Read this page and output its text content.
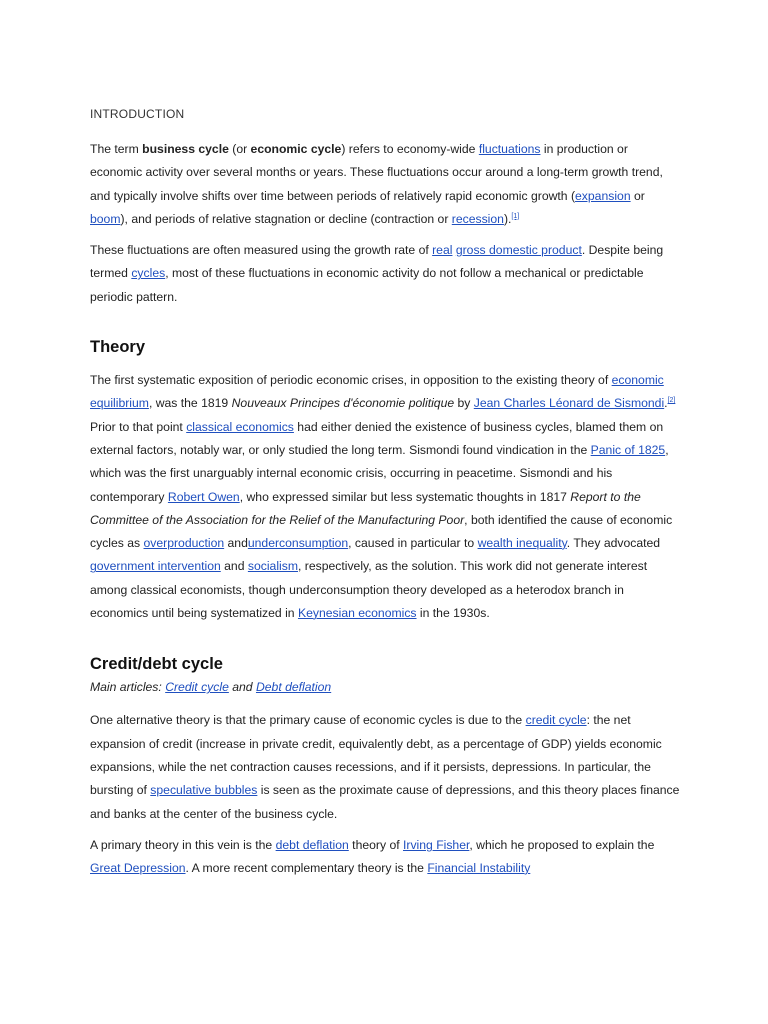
INTRODUCTION

The term business cycle (or economic cycle) refers to economy-wide fluctuations in production or economic activity over several months or years. These fluctuations occur around a long-term growth trend, and typically involve shifts over time between periods of relatively rapid economic growth (expansion or boom), and periods of relative stagnation or decline (contraction or recession).[1]

These fluctuations are often measured using the growth rate of real gross domestic product. Despite being termed cycles, most of these fluctuations in economic activity do not follow a mechanical or predictable periodic pattern.

Theory

The first systematic exposition of periodic economic crises, in opposition to the existing theory of economic equilibrium, was the 1819 Nouveaux Principes d'économie politique by Jean Charles Léonard de Sismondi.[2] Prior to that point classical economics had either denied the existence of business cycles, blamed them on external factors, notably war, or only studied the long term. Sismondi found vindication in the Panic of 1825, which was the first unarguably internal economic crisis, occurring in peacetime. Sismondi and his contemporary Robert Owen, who expressed similar but less systematic thoughts in 1817 Report to the Committee of the Association for the Relief of the Manufacturing Poor, both identified the cause of economic cycles as overproduction andunderconsumption, caused in particular to wealth inequality. They advocated government intervention and socialism, respectively, as the solution. This work did not generate interest among classical economists, though underconsumption theory developed as a heterodox branch in economics until being systematized in Keynesian economics in the 1930s.

Credit/debt cycle
Main articles: Credit cycle and Debt deflation

One alternative theory is that the primary cause of economic cycles is due to the credit cycle: the net expansion of credit (increase in private credit, equivalently debt, as a percentage of GDP) yields economic expansions, while the net contraction causes recessions, and if it persists, depressions. In particular, the bursting of speculative bubbles is seen as the proximate cause of depressions, and this theory places finance and banks at the center of the business cycle.

A primary theory in this vein is the debt deflation theory of Irving Fisher, which he proposed to explain the Great Depression. A more recent complementary theory is the Financial Instability
